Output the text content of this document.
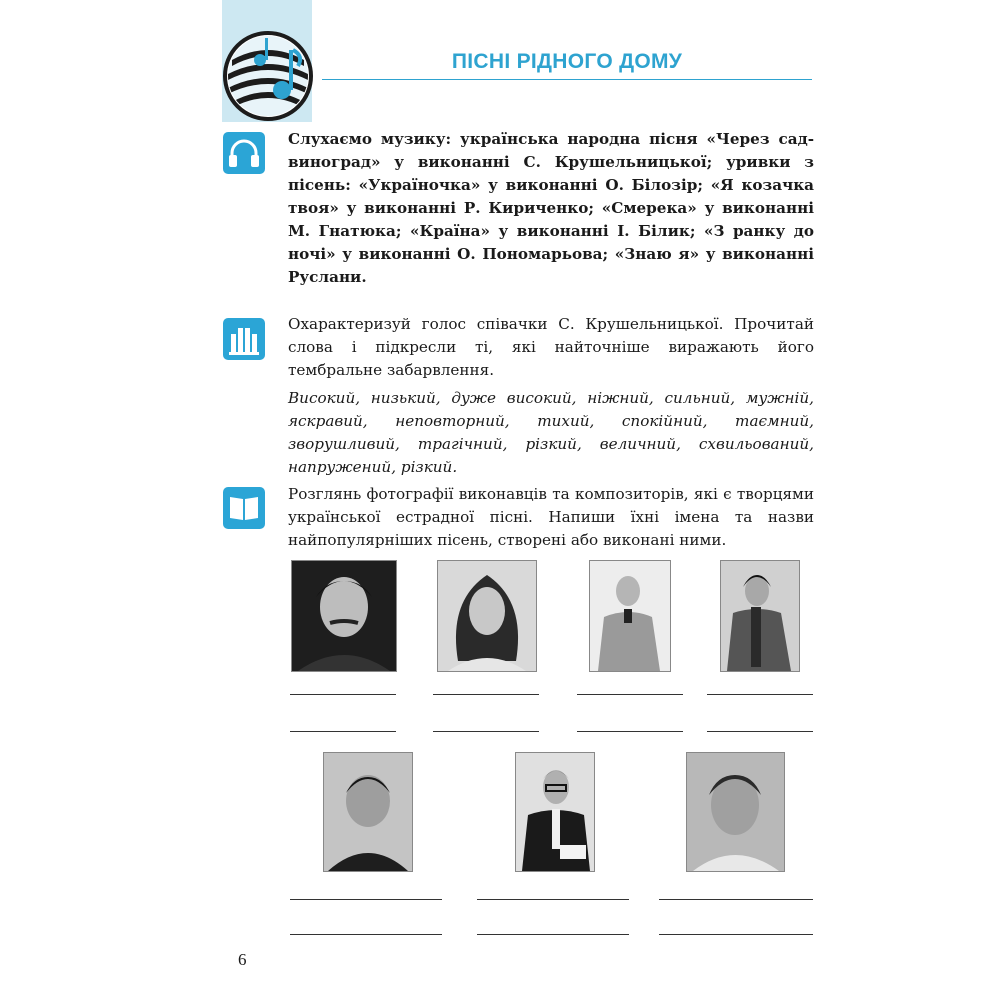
ПІСНІ РІДНОГО ДОМУ
Слухаємо музику: українська народна пісня «Через сад-виноград» у виконанні С. Крушельницької; уривки з пісень: «Україночка» у виконанні О. Білозір; «Я козачка твоя» у виконанні Р. Кириченко; «Смерека» у виконанні М. Гнатюка; «Країна» у виконанні І. Білик; «З ранку до ночі» у виконанні О. Пономарьова; «Знаю я» у виконанні Руслани.
Охарактеризуй голос співачки С. Крушельницької. Прочитай слова і підкресли ті, які найточніше виражають його тембральне забарвлення.
Високий, низький, дуже високий, ніжний, сильний, мужній, яскравий, неповторний, тихий, спокійний, таємний, зворушливий, трагічний, різкий, величний, схвильований, напружений, різкий.
Розглянь фотографії виконавців та композиторів, які є творцями української естрадної пісні. Напиши їхні імена та назви найпопулярніших пісень, створені або виконані ними.
6
